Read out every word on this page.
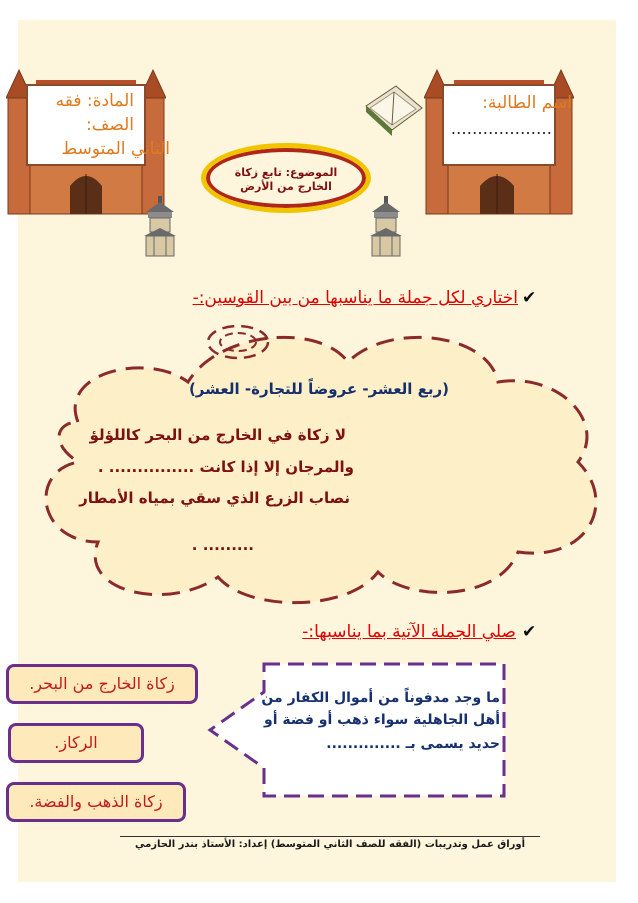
المادة: فقه
الصف:
الثاني المتوسط
اسم الطالبة:
……………….
الموضوع: تابع زكاة
الخارج من الأرض
✔
اختاري لكل جملة ما يناسبها من بين القوسين:-
(ربع العشر- عروضاً للتجارة- العشر)
لا زكاة في الخارج من البحر كاللؤلؤ
والمرجان إلا إذا كانت ............... .
نصاب الزرع الذي سقي بمياه الأمطار
......... .
✔
صلي الجملة الآتية بما يناسبها:-
ما وجد مدفوناً من أموال الكفار من
أهل الجاهلية سواء ذهب أو فضة أو
حديد يسمى بـ ..............
زكاة الخارج من البحر.
الركاز.
زكاة الذهب والفضة.
أوراق عمل وتدريبات (الفقه للصف الثاني المتوسط) إعداد: الأستاذ بندر الحازمي
